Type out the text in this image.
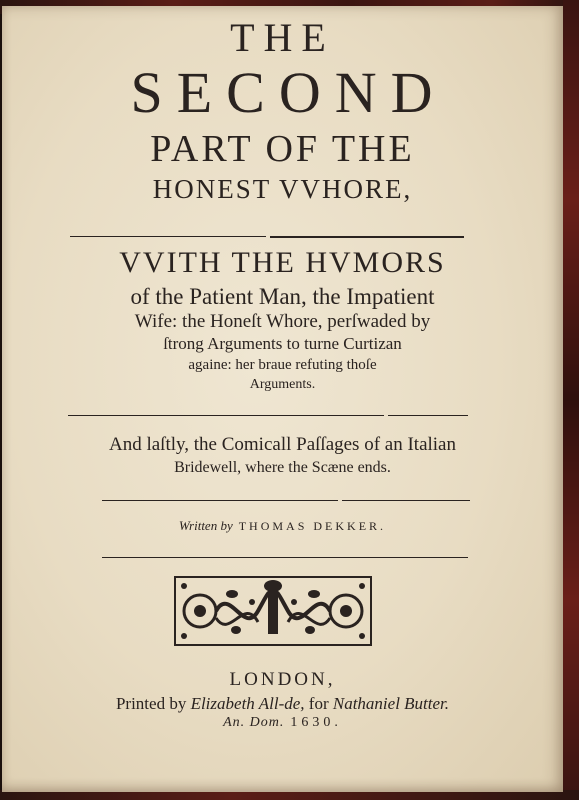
THE
SECOND
PART OF THE
HONEST VVHORE,
VVITH THE HVMORS
of the Patient Man, the Impatient
Wife: the Honeſt Whore, perſwaded by
ſtrong Arguments to turne Curtizan
againe: her braue refuting thoſe
Arguments.
And laſtly, the Comicall Paſſages of an Italian
Bridewell, where the Scæne ends.
Written by THOMAS DEKKER.
LONDON,
Printed by Elizabeth All-de, for Nathaniel Butter.
An. Dom. 1630.
